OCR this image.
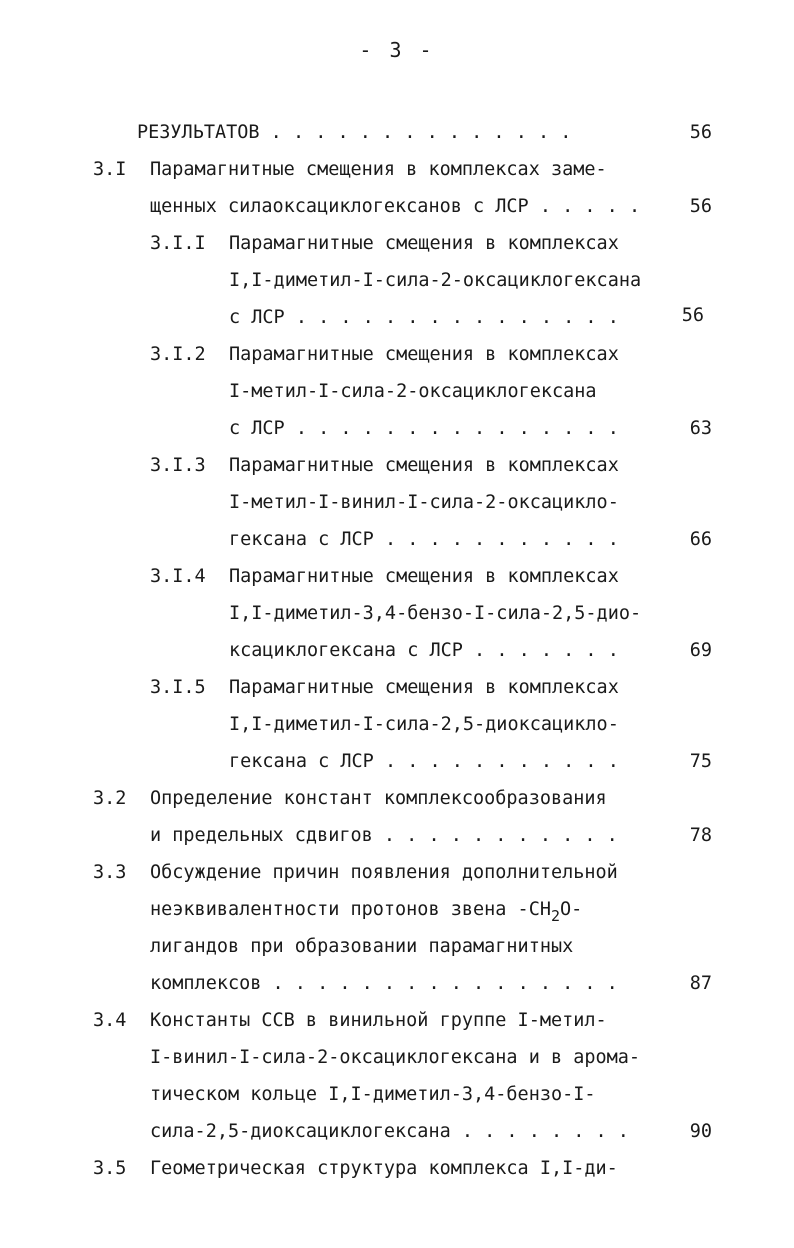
- 3 -
РЕЗУЛЬТАТОВ . . . . . . . . . . . . . .	56
3.I Парамагнитные смещения в комплексах заме-
щенных силаоксациклогексанов с ЛСР . . . . .	56
3.I.I Парамагнитные смещения в комплексах
I,I-диметил-I-сила-2-оксациклогексана
с ЛСР . . . . . . . . . . . . . . .	56
3.I.2 Парамагнитные смещения в комплексах
I-метил-I-сила-2-оксациклогексана
с ЛСР . . . . . . . . . . . . . . .	63
3.I.3 Парамагнитные смещения в комплексах
I-метил-I-винил-I-сила-2-оксацикло-
гексана с ЛСР . . . . . . . . . . .	66
3.I.4 Парамагнитные смещения в комплексах
I,I-диметил-3,4-бензо-I-сила-2,5-дио-
ксациклогексана с ЛСР . . . . . . .	69
3.I.5 Парамагнитные смещения в комплексах
I,I-диметил-I-сила-2,5-диоксацикло-
гексана с ЛСР . . . . . . . . . . .	75
3.2 Определение констант комплексообразования
и предельных сдвигов . . . . . . . . . . .	78
3.3 Обсуждение причин появления дополнительной
неэквивалентности протонов звена $-СН_2О-$
лигандов при образовании парамагнитных
комплексов . . . . . . . . . . . . . . . .	87
3.4 Константы ССВ в винильной группе I-метил-
I-винил-I-сила-2-оксациклогексана и в арома-
тическом кольце I,I-диметил-3,4-бензо-I-
сила-2,5-диоксациклогексана . . . . . . . .	90
3.5 Геометрическая структура комплекса I,I-ди-
